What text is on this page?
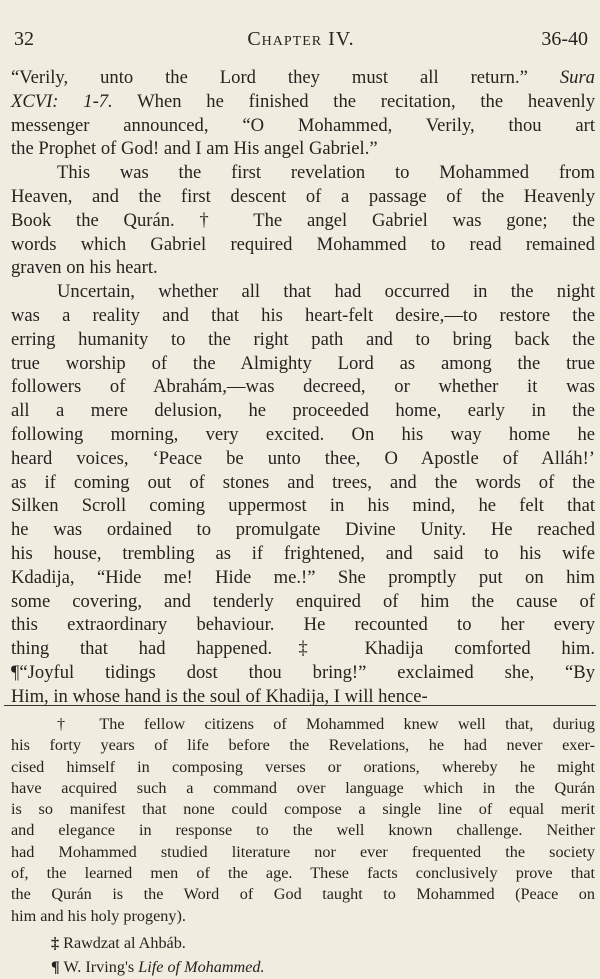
32	Chapter IV.	36-40

“Verily, unto the Lord they must all return.” Sura

XCVI: 1-7. When he finished the recitation, the heavenly

messenger announced, “O Mohammed, Verily, thou art

the Prophet of God! and I am His angel Gabriel.”

This was the first revelation to Mohammed from

Heaven, and the first descent of a passage of the Heavenly

Book the Qurán. † The angel Gabriel was gone; the

words which Gabriel required Mohammed to read remained

graven on his heart.

Uncertain, whether all that had occurred in the night

was a reality and that his heart-felt desire,—to restore the

erring humanity to the right path and to bring back the

true worship of the Almighty Lord as among the true

followers of Abrahám,—was decreed, or whether it was

all a mere delusion, he proceeded home, early in the

following morning, very excited. On his way home he

heard voices, ‘Peace be unto thee, O Apostle of Alláh!’

as if coming out of stones and trees, and the words of the

Silken Scroll coming uppermost in his mind, he felt that

he was ordained to promulgate Divine Unity. He reached

his house, trembling as if frightened, and said to his wife

Kdadija, “Hide me! Hide me.!” She promptly put on him

some covering, and tenderly enquired of him the cause of

this extraordinary behaviour. He recounted to her every

thing that had happened.‡ Khadija comforted him.

¶“Joyful tidings dost thou bring!” exclaimed she, “By

Him, in whose hand is the soul of Khadija, I will hence-

† The fellow citizens of Mohammed knew well that, duriug

his forty years of life before the Revelations, he had never exer-

cised himself in composing verses or orations, whereby he might

have acquired such a command over language which in the Qurán

is so manifest that none could compose a single line of equal merit

and elegance in response to the well known challenge. Neither

had Mohammed studied literature nor ever frequented the society

of, the learned men of the age. These facts conclusively prove that

the Qurán is the Word of God taught to Mohammed (Peace on

him and his holy progeny).

‡ Rawdzat al Ahbáb.
¶ W. Irving's Life of Mohammed.
